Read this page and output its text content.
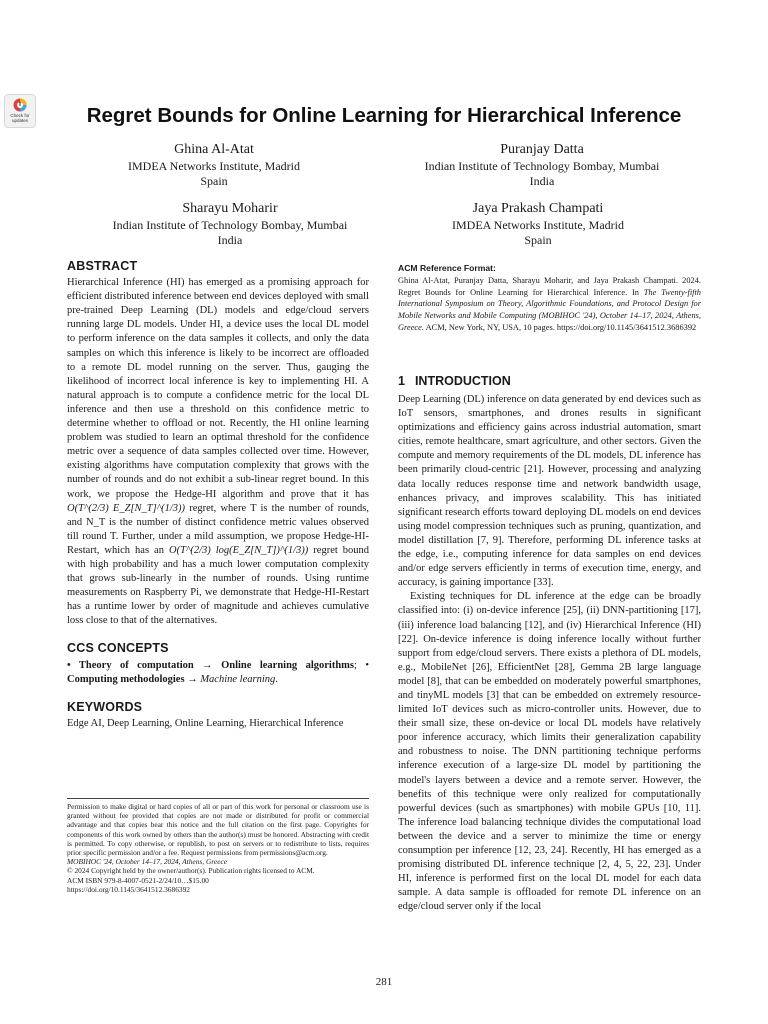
Check for updates	Regret Bounds for Online Learning for Hierarchical Inference
Ghina Al-Atat
IMDEA Networks Institute, Madrid
Spain
Puranjay Datta
Indian Institute of Technology Bombay, Mumbai
India
Sharayu Moharir
Indian Institute of Technology Bombay, Mumbai
India
Jaya Prakash Champati
IMDEA Networks Institute, Madrid
Spain

ABSTRACT

Hierarchical Inference (HI) has emerged as a promising approach for efficient distributed inference between end devices deployed with small pre-trained Deep Learning (DL) models and edge/cloud servers running large DL models. Under HI, a device uses the local DL model to perform inference on the data samples it collects, and only the data samples on which this inference is likely to be incorrect are offloaded to a remote DL model running on the server. Thus, gauging the likelihood of incorrect local inference is key to implementing HI. A natural approach is to compute a confidence metric for the local DL inference and then use a threshold on this confidence metric to determine whether to offload or not. Recently, the HI online learning problem was studied to learn an optimal threshold for the confidence metric over a sequence of data samples collected over time. However, existing algorithms have computation complexity that grows with the number of rounds and do not exhibit a sub-linear regret bound. In this work, we propose the Hedge-HI algorithm and prove that it has O(T^(2/3) E_Z[N_T]^(1/3)) regret, where T is the number of rounds, and N_T is the number of distinct confidence metric values observed till round T. Further, under a mild assumption, we propose Hedge-HI-Restart, which has an O(T^(2/3) log(E_Z[N_T])^(1/3)) regret bound with high probability and has a much lower computation complexity that grows sub-linearly in the number of rounds. Using runtime measurements on Raspberry Pi, we demonstrate that Hedge-HI-Restart has a runtime lower by order of magnitude and achieves cumulative loss close to that of the alternatives.

CCS CONCEPTS

• Theory of computation → Online learning algorithms; • Computing methodologies → Machine learning.

KEYWORDS

Edge AI, Deep Learning, Online Learning, Hierarchical Inference

Permission to make digital or hard copies of all or part of this work for personal or classroom use is granted without fee provided that copies are not made or distributed for profit or commercial advantage and that copies bear this notice and the full citation on the first page. Copyrights for components of this work owned by others than the author(s) must be honored. Abstracting with credit is permitted. To copy otherwise, or republish, to post on servers or to redistribute to lists, requires prior specific permission and/or a fee. Request permissions from permissions@acm.org.

MOBIHOC '24, October 14–17, 2024, Athens, Greece

© 2024 Copyright held by the owner/author(s). Publication rights licensed to ACM.

ACM ISBN 979-8-4007-0521-2/24/10…$15.00

https://doi.org/10.1145/3641512.3686392

ACM Reference Format:
Ghina Al-Atat, Puranjay Datta, Sharayu Moharir, and Jaya Prakash Champati. 2024. Regret Bounds for Online Learning for Hierarchical Inference. In The Twenty-fifth International Symposium on Theory, Algorithmic Foundations, and Protocol Design for Mobile Networks and Mobile Computing (MOBIHOC '24), October 14–17, 2024, Athens, Greece. ACM, New York, NY, USA, 10 pages. https://doi.org/10.1145/3641512.3686392
1 INTRODUCTION

Deep Learning (DL) inference on data generated by end devices such as IoT sensors, smartphones, and drones results in significant optimizations and efficiency gains across industrial automation, smart cities, remote healthcare, smart agriculture, and other sectors. Given the compute and memory requirements of the DL models, DL inference has been primarily cloud-centric [21]. However, processing and analyzing data locally reduces response time and network bandwidth usage, enhances privacy, and improves scalability. This has initiated significant research efforts toward deploying DL models on end devices using model compression techniques such as pruning, quantization, and model distillation [7, 9]. Therefore, performing DL inference tasks at the edge, i.e., computing inference for data samples on end devices and/or edge servers efficiently in terms of execution time, energy, and accuracy, is gaining importance [33].

Existing techniques for DL inference at the edge can be broadly classified into: (i) on-device inference [25], (ii) DNN-partitioning [17], (iii) inference load balancing [12], and (iv) Hierarchical Inference (HI) [22]. On-device inference is doing inference locally without further support from edge/cloud servers. There exists a plethora of DL models, e.g., MobileNet [26], EfficientNet [28], Gemma 2B large language model [8], that can be embedded on moderately powerful smartphones, and tinyML models [3] that can be embedded on extremely resource-limited IoT devices such as micro-controller units. However, due to their small size, these on-device or local DL models have relatively poor inference accuracy, which limits their generalization capability and robustness to noise. The DNN partitioning technique performs inference execution of a large-size DL model by partitioning the model's layers between a device and a remote server. However, the benefits of this technique were only realized for computationally powerful devices (such as smartphones) with mobile GPUs [10, 11]. The inference load balancing technique divides the computational load between the device and a server to minimize the time or energy consumption per inference [12, 23, 24]. Recently, HI has emerged as a promising distributed DL inference technique [2, 4, 5, 22, 23]. Under HI, inference is performed first on the local DL model for each data sample. A data sample is offloaded for remote DL inference on an edge/cloud server only if the local

281
